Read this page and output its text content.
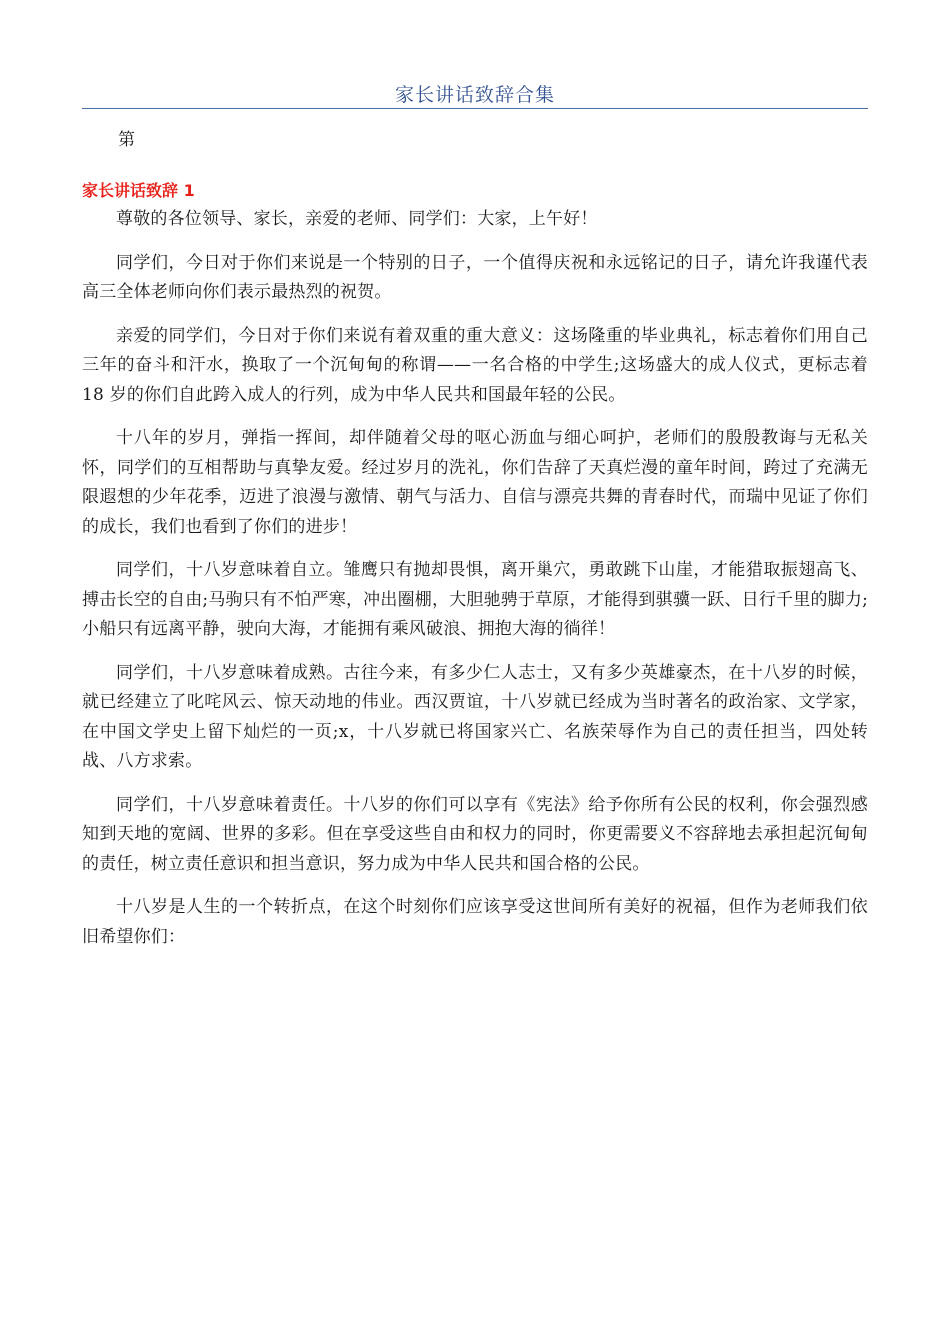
家长讲话致辞合集

第

家长讲话致辞 1

尊敬的各位领导、家长，亲爱的老师、同学们：大家，上午好！

同学们，今日对于你们来说是一个特别的日子，一个值得庆祝和永远铭记的日子，请允许我谨代表高三全体老师向你们表示最热烈的祝贺。

亲爱的同学们，今日对于你们来说有着双重的重大意义：这场隆重的毕业典礼，标志着你们用自己三年的奋斗和汗水，换取了一个沉甸甸的称谓——一名合格的中学生;这场盛大的成人仪式，更标志着 18 岁的你们自此跨入成人的行列，成为中华人民共和国最年轻的公民。

十八年的岁月，弹指一挥间，却伴随着父母的呕心沥血与细心呵护，老师们的殷殷教诲与无私关怀，同学们的互相帮助与真挚友爱。经过岁月的洗礼，你们告辞了天真烂漫的童年时间，跨过了充满无限遐想的少年花季，迈进了浪漫与激情、朝气与活力、自信与漂亮共舞的青春时代，而瑞中见证了你们的成长，我们也看到了你们的进步！

同学们，十八岁意味着自立。雏鹰只有抛却畏惧，离开巢穴，勇敢跳下山崖，才能猎取振翅高飞、搏击长空的自由;马驹只有不怕严寒，冲出圈棚，大胆驰骋于草原，才能得到骐骥一跃、日行千里的脚力;小船只有远离平静，驶向大海，才能拥有乘风破浪、拥抱大海的徜徉！

同学们，十八岁意味着成熟。古往今来，有多少仁人志士，又有多少英雄豪杰，在十八岁的时候，就已经建立了叱咤风云、惊天动地的伟业。西汉贾谊，十八岁就已经成为当时著名的政治家、文学家，在中国文学史上留下灿烂的一页;x，十八岁就已将国家兴亡、名族荣辱作为自己的责任担当，四处转战、八方求索。

同学们，十八岁意味着责任。十八岁的你们可以享有《宪法》给予你所有公民的权利，你会强烈感知到天地的宽阔、世界的多彩。但在享受这些自由和权力的同时，你更需要义不容辞地去承担起沉甸甸的责任，树立责任意识和担当意识，努力成为中华人民共和国合格的公民。

十八岁是人生的一个转折点，在这个时刻你们应该享受这世间所有美好的祝福，但作为老师我们依旧希望你们：
